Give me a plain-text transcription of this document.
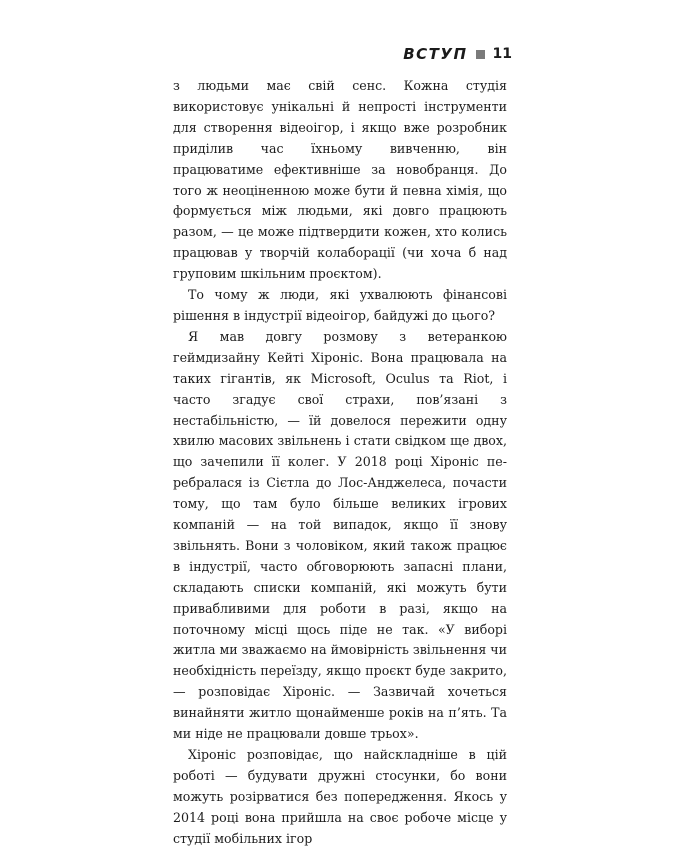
ВСТУП 11

з людьми має свій сенс. Кожна студія використовує унікальні й непрості інструменти для створення відеоігор, і якщо вже розробник приділив час їхньому вивченню, він працюватиме ефективніше за новобранця. До того ж неоціненною може бути й певна хімія, що формується між людьми, які довго працюють разом, — це може підтвердити кожен, хто колись працював у творчій колаборації (чи хоча б над груповим шкільним проєктом).

То чому ж люди, які ухвалюють фінансові рішення в індустрії відеоігор, байдужі до цього?

Я мав довгу розмову з ветеранкою геймдизайну Кейті Хіроніс. Вона працювала на таких гігантів, як Microsoft, Oculus та Riot, і часто згадує свої страхи, пов’язані з нестабільністю, — їй довелося пережити одну хвилю масових звільнень і стати свідком ще двох, що зачепили її колег. У 2018 році Хіроніс перебралася із Сієтла до Лос-Анджелеса, почасти тому, що там було більше великих ігрових компаній — на той випадок, якщо її знову звільнять. Вони з чоловіком, який також працює в індустрії, часто обговорюють запасні плани, складають списки компаній, які можуть бути привабливими для роботи в разі, якщо на поточному місці щось піде не так. «У виборі житла ми зважаємо на ймовірність звільнення чи необхідність переїзду, якщо проєкт буде закрито, — розповідає Хіроніс. — Зазвичай хочеться винайняти житло щонайменше років на п’ять. Та ми ніде не працювали довше трьох».

Хіроніс розповідає, що найскладніше в цій роботі — будувати дружні стосунки, бо вони можуть розірватися без попередження. Якось у 2014 році вона прийшла на своє робоче місце у студії мобільних ігор
